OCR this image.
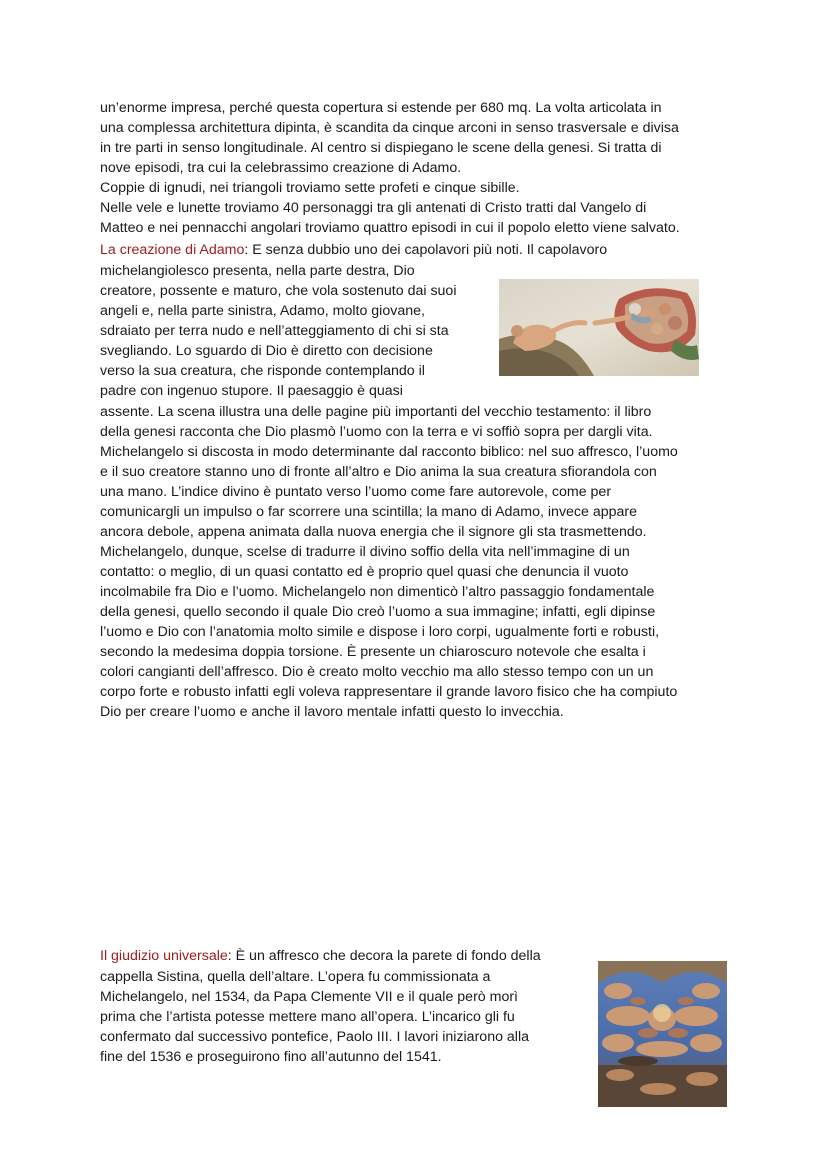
un’enorme impresa, perché questa copertura si estende per 680 mq. La volta articolata in
una complessa architettura dipinta, è scandita da cinque arconi in senso trasversale e divisa
in tre parti in senso longitudinale. Al centro si dispiegano le scene della genesi. Si tratta di
nove episodi, tra cui la celebrassimo creazione di Adamo.
Coppie di ignudi, nei triangoli troviamo sette profeti e cinque sibille.
Nelle vele e lunette troviamo 40 personaggi tra gli antenati di Cristo tratti dal Vangelo di
Matteo e nei pennacchi angolari troviamo quattro episodi in cui il popolo eletto viene salvato.
La creazione di Adamo: E senza dubbio uno dei capolavori più noti. Il capolavoro
michelangiolesco presenta, nella parte destra, Dio
creatore, possente e maturo, che vola sostenuto dai suoi
angeli e, nella parte sinistra, Adamo, molto giovane,
sdraiato per terra nudo e nell’atteggiamento di chi si sta
svegliando. Lo sguardo di Dio è diretto con decisione
verso la sua creatura, che risponde contemplando il
padre con ingenuo stupore. Il paesaggio è quasi
assente. La scena illustra una delle pagine più importanti del vecchio testamento: il libro
della genesi racconta che Dio plasmò l’uomo con la terra e vi soffiò sopra per dargli vita.
Michelangelo si discosta in modo determinante dal racconto biblico: nel suo affresco, l’uomo
e il suo creatore stanno uno di fronte all’altro e Dio anima la sua creatura sfiorandola con
una mano. L’indice divino è puntato verso l’uomo come fare autorevole, come per
comunicargli un impulso o far scorrere una scintilla; la mano di Adamo, invece appare
ancora debole, appena animata dalla nuova energia che il signore gli sta trasmettendo.
Michelangelo, dunque, scelse di tradurre il divino soffio della vita nell’immagine di un
contatto: o meglio, di un quasi contatto ed è proprio quel quasi che denuncia il vuoto
incolmabile fra Dio e l’uomo. Michelangelo non dimenticò l’altro passaggio fondamentale
della genesi, quello secondo il quale Dio creò l’uomo a sua immagine; infatti, egli dipinse
l’uomo e Dio con l’anatomia molto simile e dispose i loro corpi, ugualmente forti e robusti,
secondo la medesima doppia torsione. È presente un chiaroscuro notevole che esalta i
colori cangianti dell’affresco. Dio è creato molto vecchio ma allo stesso tempo con un un
corpo forte e robusto infatti egli voleva rappresentare il grande lavoro fisico che ha compiuto
Dio per creare l’uomo e anche il lavoro mentale infatti questo lo invecchia.
Il giudizio universale: È un affresco che decora la parete di fondo della
cappella Sistina, quella dell’altare. L’opera fu commissionata a
Michelangelo, nel 1534, da Papa Clemente VII e il quale però morì
prima che l’artista potesse mettere mano all’opera. L’incarico gli fu
confermato dal successivo pontefice, Paolo III. I lavori iniziarono alla
fine del 1536 e proseguirono fino all’autunno del 1541.
